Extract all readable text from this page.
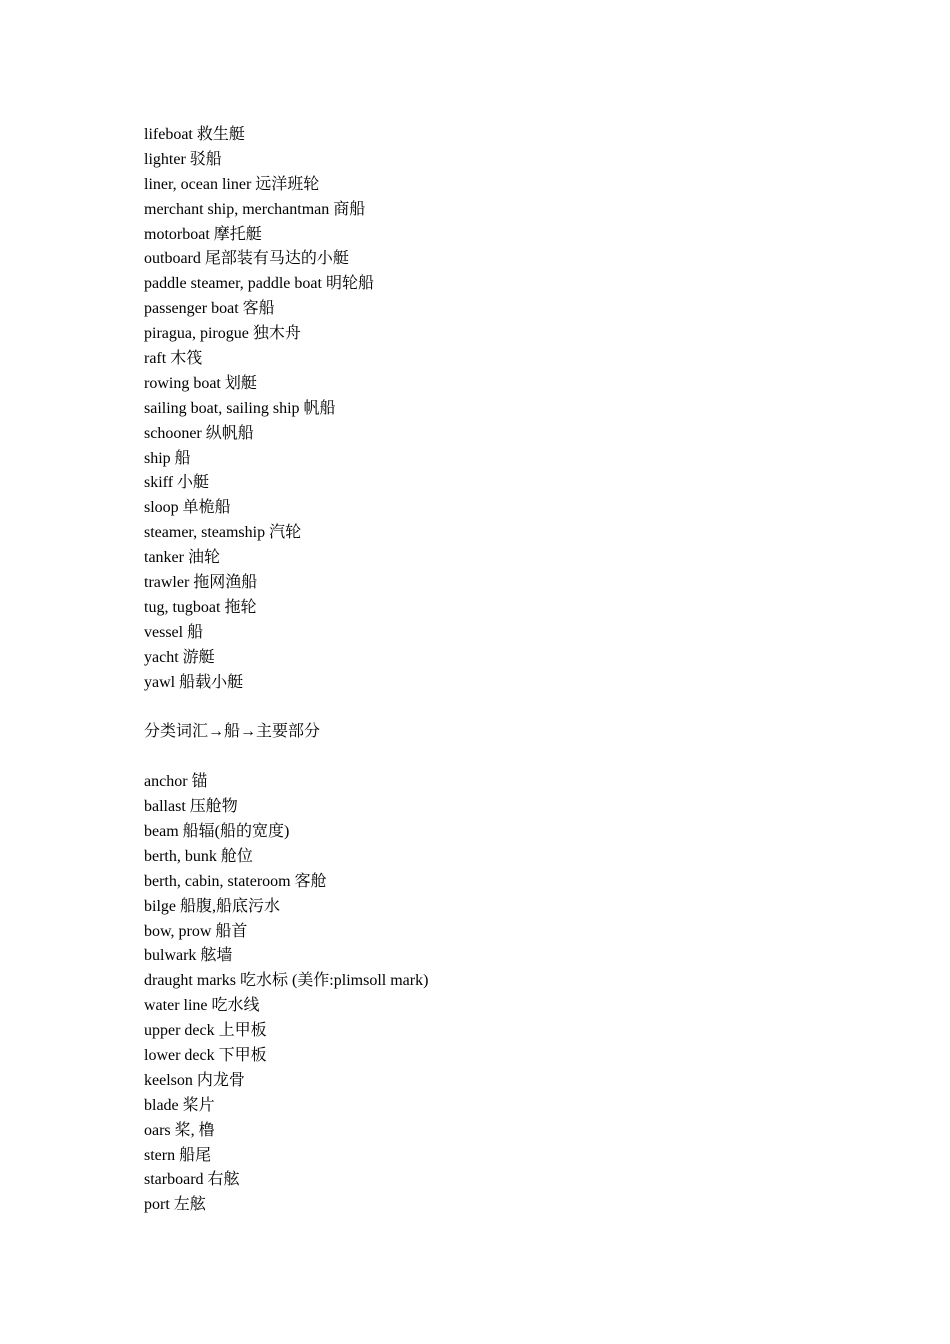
lifeboat 救生艇
lighter 驳船
liner, ocean liner 远洋班轮
merchant ship, merchantman 商船
motorboat 摩托艇
outboard 尾部装有马达的小艇
paddle steamer, paddle boat 明轮船
passenger boat 客船
piragua, pirogue 独木舟
raft 木筏
rowing boat 划艇
sailing boat, sailing ship 帆船
schooner 纵帆船
ship 船
skiff 小艇
sloop 单桅船
steamer, steamship 汽轮
tanker 油轮
trawler 拖网渔船
tug, tugboat 拖轮
vessel 船
yacht 游艇
yawl 船载小艇
分类词汇→船→主要部分
anchor 锚
ballast 压舱物
beam 船辐(船的宽度)
berth, bunk 舱位
berth, cabin, stateroom 客舱
bilge 船腹,船底污水
bow, prow 船首
bulwark 舷墙
draught marks 吃水标 (美作:plimsoll mark)
water line 吃水线
upper deck 上甲板
lower deck 下甲板
keelson 内龙骨
blade 桨片
oars 桨, 橹
stern 船尾
starboard 右舷
port 左舷
